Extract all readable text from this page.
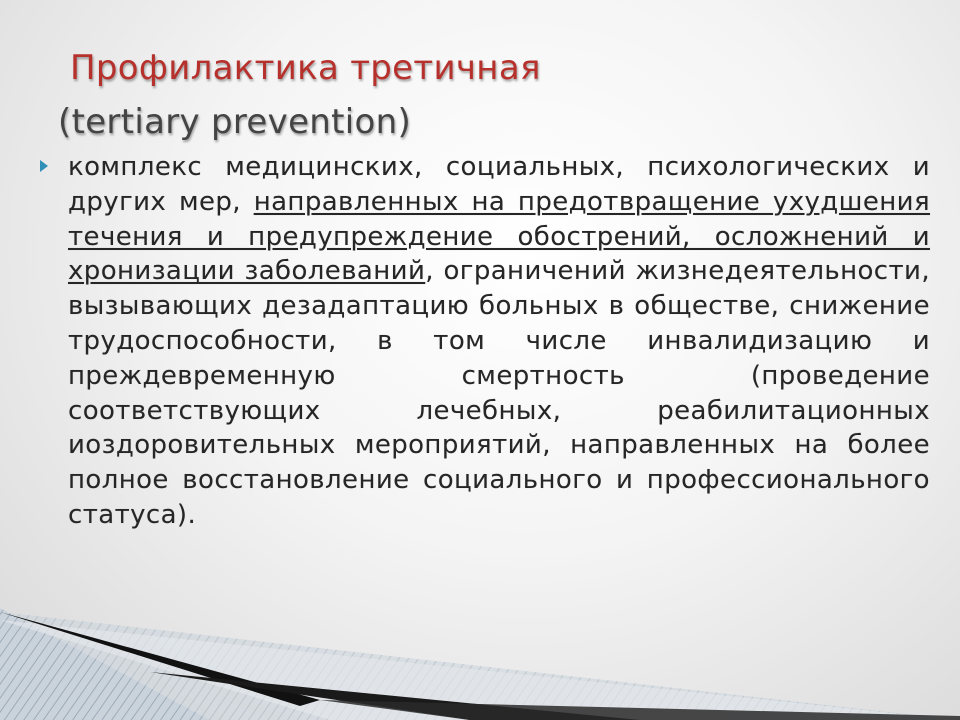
Профилактика третичная
(tertiary prevention)

комплекс медицинских, социальных, психологических и других мер, направленных на предотвращение ухудшения течения и предупреждение обострений, осложнений и хронизации заболеваний, ограничений жизнедеятельности, вызывающих дезадаптацию больных в обществе, снижение трудоспособности, в том числе инвалидизацию и преждевременную смертность (проведение соответствующих лечебных, реабилитационных иоздоровительных мероприятий, направленных на более полное восстановление социального и профессионального статуса).
